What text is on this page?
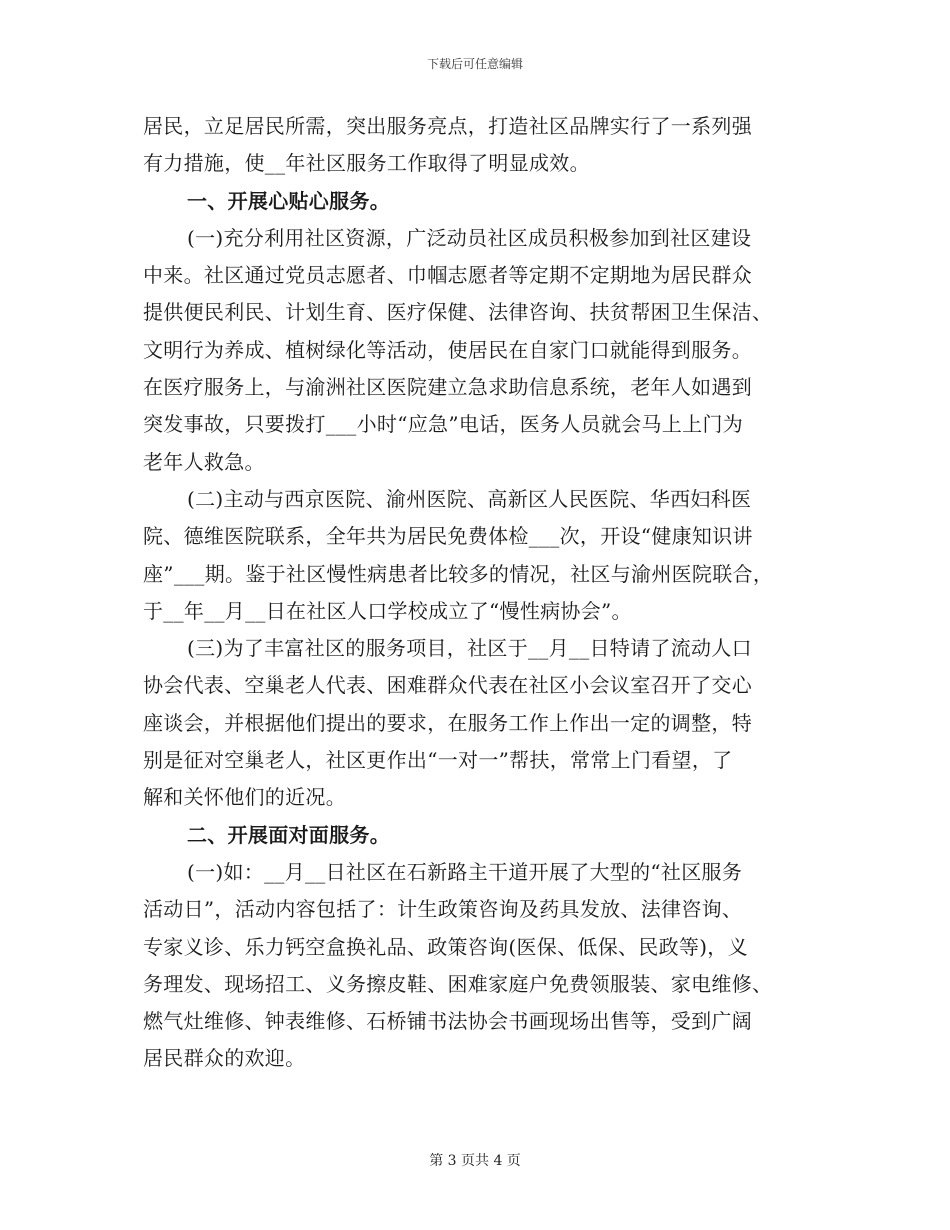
下载后可任意编辑
居民，立足居民所需，突出服务亮点，打造社区品牌实行了一系列强
有力措施，使__年社区服务工作取得了明显成效。
一、开展心贴心服务。
(一)充分利用社区资源，广泛动员社区成员积极参加到社区建设
中来。社区通过党员志愿者、巾帼志愿者等定期不定期地为居民群众
提供便民利民、计划生育、医疗保健、法律咨询、扶贫帮困卫生保洁、
文明行为养成、植树绿化等活动，使居民在自家门口就能得到服务。
在医疗服务上，与渝洲社区医院建立急求助信息系统，老年人如遇到
突发事故，只要拨打___小时“应急”电话，医务人员就会马上上门为
老年人救急。
(二)主动与西京医院、渝州医院、高新区人民医院、华西妇科医
院、德维医院联系，全年共为居民免费体检___次，开设“健康知识讲
座”___期。鉴于社区慢性病患者比较多的情况，社区与渝州医院联合，
于__年__月__日在社区人口学校成立了“慢性病协会”。
(三)为了丰富社区的服务项目，社区于__月__日特请了流动人口
协会代表、空巢老人代表、困难群众代表在社区小会议室召开了交心
座谈会，并根据他们提出的要求，在服务工作上作出一定的调整，特
别是征对空巢老人，社区更作出“一对一”帮扶，常常上门看望，了
解和关怀他们的近况。
二、开展面对面服务。
(一)如：__月__日社区在石新路主干道开展了大型的“社区服务
活动日”，活动内容包括了：计生政策咨询及药具发放、法律咨询、
专家义诊、乐力钙空盒换礼品、政策咨询(医保、低保、民政等)，义
务理发、现场招工、义务擦皮鞋、困难家庭户免费领服装、家电维修、
燃气灶维修、钟表维修、石桥铺书法协会书画现场出售等，受到广阔
居民群众的欢迎。
第 3 页共 4 页
